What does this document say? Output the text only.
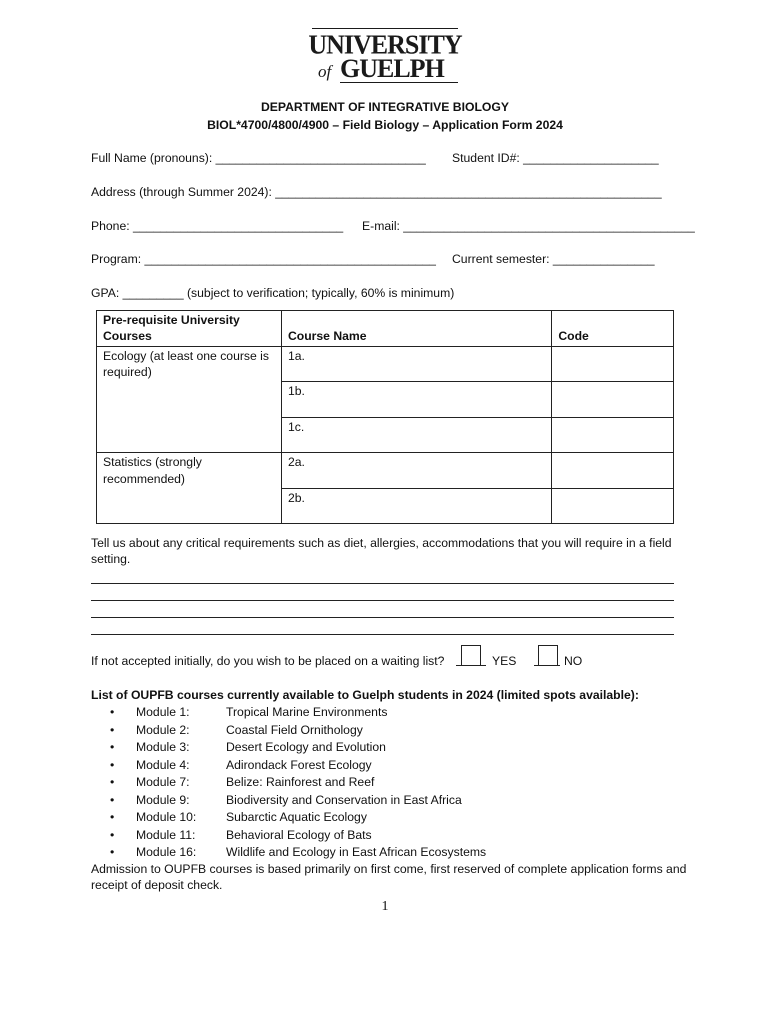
UNIVERSITY
of GUELPH
DEPARTMENT OF INTEGRATIVE BIOLOGY
BIOL*4700/4800/4900 – Field Biology – Application Form 2024
Full Name (pronouns): _______________________________ Student ID#: ____________________
Address (through Summer 2024): _________________________________________________________
Phone: _______________________________ E-mail: ___________________________________________
Program: ___________________________________________ Current semester: _______________
GPA: _________ (subject to verification; typically, 60% is minimum)
Pre-requisite University Courses	Course Name	Code

Ecology (at least one course is required)	1a.	
	1b.	
	1c.	
Statistics (strongly recommended)	2a.	
	2b.	
Tell us about any critical requirements such as diet, allergies, accommodations that you will require in a field setting.
If not accepted initially, do you wish to be placed on a waiting list?	YES	NO
List of OUPFB courses currently available to Guelph students in 2024 (limited spots available):
• Module 1:	Tropical Marine Environments
• Module 2:	Coastal Field Ornithology
• Module 3:	Desert Ecology and Evolution
• Module 4:	Adirondack Forest Ecology
• Module 7:	Belize: Rainforest and Reef
• Module 9:	Biodiversity and Conservation in East Africa
• Module 10: Subarctic Aquatic Ecology
• Module 11:	Behavioral Ecology of Bats
• Module 16: Wildlife and Ecology in East African Ecosystems
Admission to OUPFB courses is based primarily on first come, first reserved of complete application forms and receipt of deposit check.
1
